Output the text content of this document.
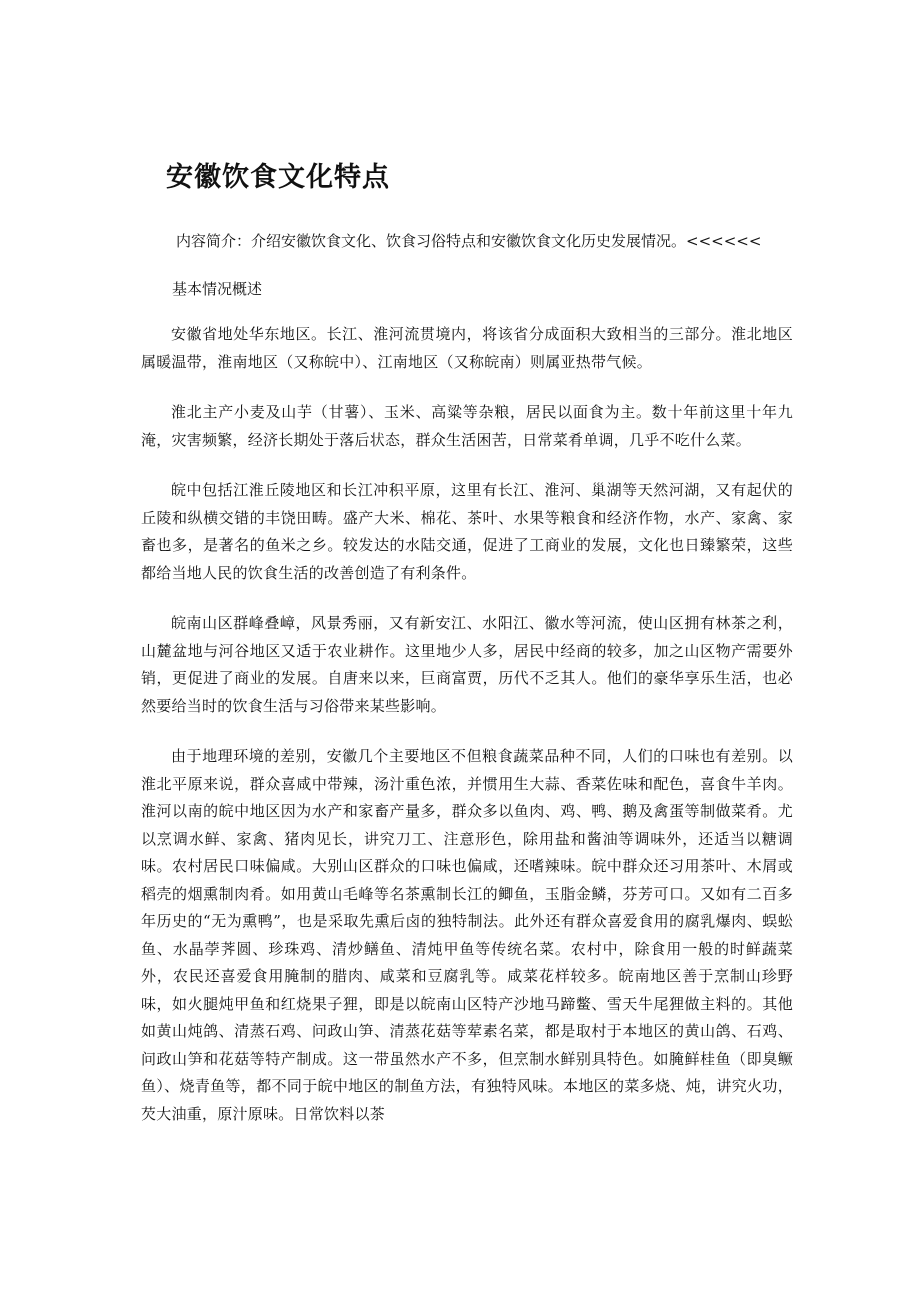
安徽饮食文化特点

内容简介：介绍安徽饮食文化、饮食习俗特点和安徽饮食文化历史发展情况。<<<<<<

基本情况概述

安徽省地处华东地区。长江、淮河流贯境内，将该省分成面积大致相当的三部分。淮北地区属暖温带，淮南地区（又称皖中）、江南地区（又称皖南）则属亚热带气候。

淮北主产小麦及山芋（甘薯）、玉米、高粱等杂粮，居民以面食为主。数十年前这里十年九淹，灾害频繁，经济长期处于落后状态，群众生活困苦，日常菜肴单调，几乎不吃什么菜。

皖中包括江淮丘陵地区和长江冲积平原，这里有长江、淮河、巢湖等天然河湖，又有起伏的丘陵和纵横交错的丰饶田畴。盛产大米、棉花、茶叶、水果等粮食和经济作物，水产、家禽、家畜也多，是著名的鱼米之乡。较发达的水陆交通，促进了工商业的发展，文化也日臻繁荣，这些都给当地人民的饮食生活的改善创造了有利条件。

皖南山区群峰叠嶂，风景秀丽，又有新安江、水阳江、徽水等河流，使山区拥有林茶之利，山麓盆地与河谷地区又适于农业耕作。这里地少人多，居民中经商的较多，加之山区物产需要外销，更促进了商业的发展。自唐来以来，巨商富贾，历代不乏其人。他们的豪华享乐生活，也必然要给当时的饮食生活与习俗带来某些影响。

由于地理环境的差别，安徽几个主要地区不但粮食蔬菜品种不同，人们的口味也有差别。以淮北平原来说，群众喜咸中带辣，汤汁重色浓，并惯用生大蒜、香菜佐味和配色，喜食牛羊肉。淮河以南的皖中地区因为水产和家畜产量多，群众多以鱼肉、鸡、鸭、鹅及禽蛋等制做菜肴。尤以烹调水鲜、家禽、猪肉见长，讲究刀工、注意形色，除用盐和酱油等调味外，还适当以糖调味。农村居民口味偏咸。大别山区群众的口味也偏咸，还嗜辣味。皖中群众还习用茶叶、木屑或稻壳的烟熏制肉肴。如用黄山毛峰等名茶熏制长江的鲫鱼，玉脂金鳞，芬芳可口。又如有二百多年历史的“无为熏鸭”，也是采取先熏后卤的独特制法。此外还有群众喜爱食用的腐乳爆肉、蜈蚣鱼、水晶荸荠圆、珍珠鸡、清炒鳝鱼、清炖甲鱼等传统名菜。农村中，除食用一般的时鲜蔬菜外，农民还喜爱食用腌制的腊肉、咸菜和豆腐乳等。咸菜花样较多。皖南地区善于烹制山珍野味，如火腿炖甲鱼和红烧果子狸，即是以皖南山区特产沙地马蹄鳖、雪天牛尾狸做主料的。其他如黄山炖鸽、清蒸石鸡、问政山笋、清蒸花菇等荤素名菜，都是取村于本地区的黄山鸽、石鸡、问政山笋和花菇等特产制成。这一带虽然水产不多，但烹制水鲜别具特色。如腌鲜桂鱼（即臭鳜鱼）、烧青鱼等，都不同于皖中地区的制鱼方法，有独特风味。本地区的菜多烧、炖，讲究火功，芡大油重，原汁原味。日常饮料以茶
